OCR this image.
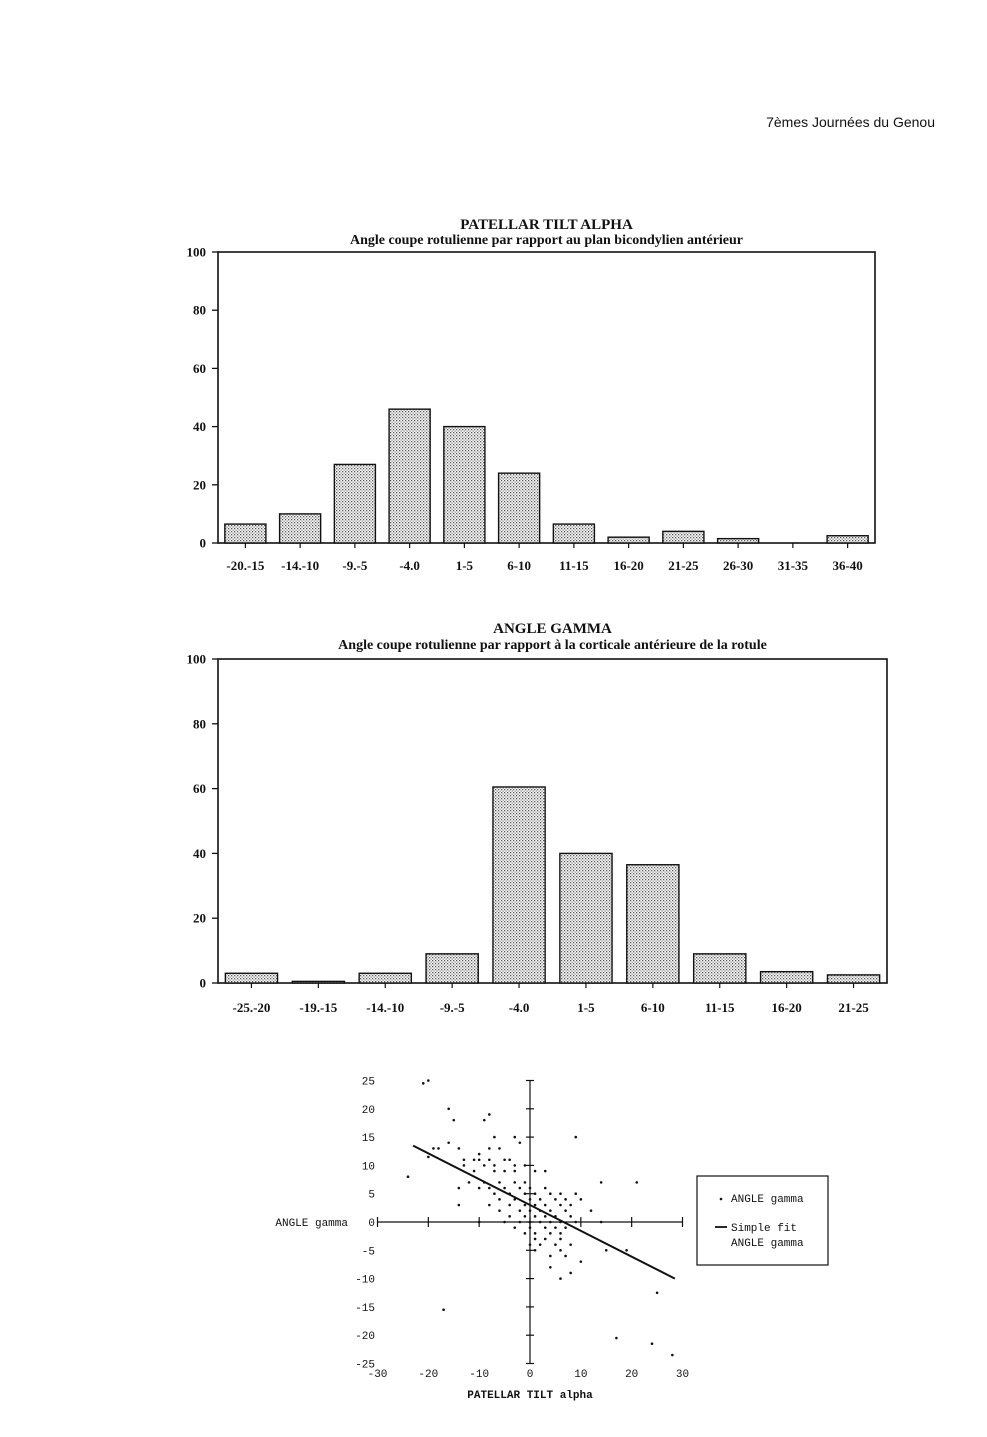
7èmes Journées du Genou
PATELLAR TILT ALPHA
Angle coupe rotulienne par rapport au plan bicondylien antérieur
0
20
40
60
80
100
-20.-15 -14.-10 -9.-5 -4.0	1-5	6-10 11-15 16-20 21-25 26-30 31-35 36-40
ANGLE GAMMA
Angle coupe rotulienne par rapport à la corticale antérieure de la rotule
0
20
40
60
80
100
-25.-20 -19.-15 -14.-10	-9.-5	-4.0	1-5	6-10	11-15	16-20	21-25
25
20
15
10
5
0
-5
-10
-15
-20
-25
-30	-20	-10	0	10	20	30
PATELLAR TILT alpha
ANGLE gamma
ANGLE gamma
Simple fit
ANGLE gamma
